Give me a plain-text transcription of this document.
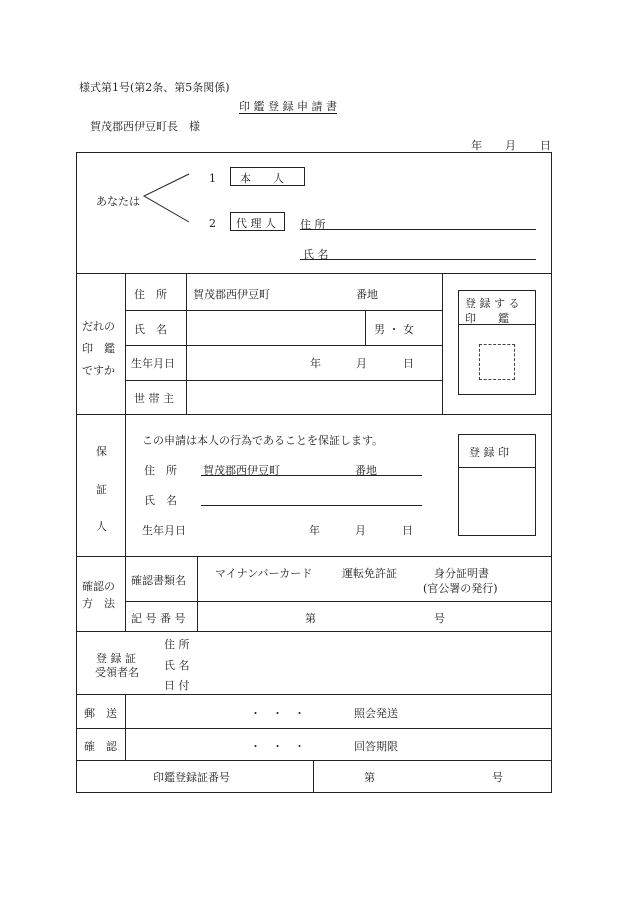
様式第1号(第2条、第5条関係)
印 鑑 登 録 申 請 書
賀茂郡西伊豆町長　様
年 月 日
あなたは
1 本　　人
2 代 理 人 住 所
氏 名
だれの
印　鑑
ですか
住　所 賀茂郡西伊豆町	番地
氏　名	男 ・ 女
生年月日	年	月	日
世 帯 主
登 録 す る
印　　鑑
保
証
人
この申請は本人の行為であることを保証します。
住　所 賀茂郡西伊豆町	番地
氏　名
生年月日	年	月	日
登 録 印
確認の
方　法
確認書類名
マイナンバーカード	運転免許証	身分証明書
(官公署の発行)
記 号 番 号	第	号
登 録 証
受領者名
住 所
氏 名
日 付
郵　送	・　・　・	照会発送
確　認	・　・　・	回答期限
印鑑登録証番号	第	号
